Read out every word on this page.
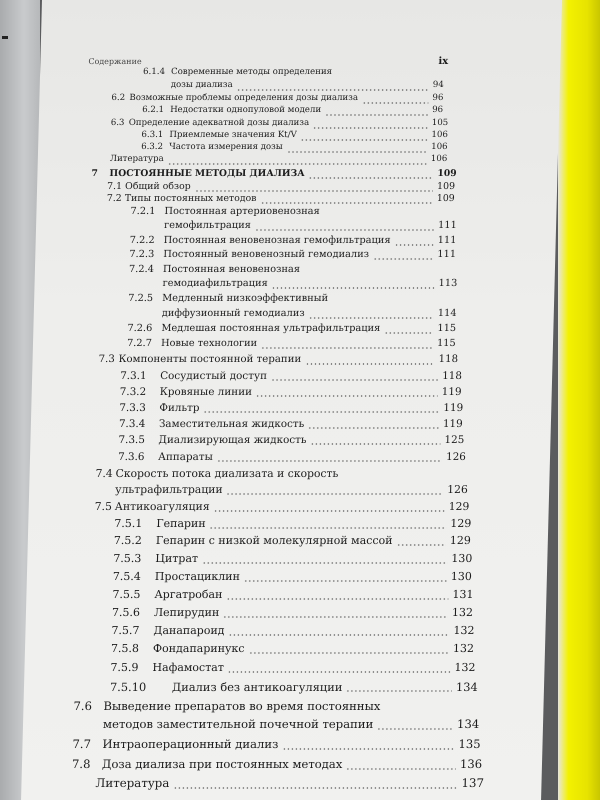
Содержание	ix
6.1.4 Современные методы определения
дозы диализа	94
6.2 Возможные проблемы определения дозы диализа	96
6.2.1 Недостатки однопуловой модели	96
6.3 Определение адекватной дозы диализа	105
6.3.1 Приемлемые значения Kt/V	106
6.3.2 Частота измерения дозы	106
Литература	106
7 ПОСТОЯННЫЕ МЕТОДЫ ДИАЛИЗА	109
7.1 Общий обзор	109
7.2 Типы постоянных методов	109
7.2.1 Постоянная артериовенозная
гемофильтрация	111
7.2.2 Постоянная веновенозная гемофильтрация	111
7.2.3 Постоянный веновенозный гемодиализ	111
7.2.4 Постоянная веновенозная
гемодиафильтрация	113
7.2.5 Медленный низкоэффективный
диффузионный гемодиализ	114
7.2.6 Медлешая постоянная ультрафильтрация	115
7.2.7 Новые технологии	115
7.3 Компоненты постоянной терапии	118
7.3.1 Сосудистый доступ	118
7.3.2 Кровяные линии	119
7.3.3 Фильтр	119
7.3.4 Заместительная жидкость	119
7.3.5 Диализирующая жидкость	125
7.3.6 Аппараты	126
7.4 Скорость потока диализата и скорость
ультрафильтрации	126
7.5 Антикоагуляция	129
7.5.1 Гепарин	129
7.5.2 Гепарин с низкой молекулярной массой	129
7.5.3 Цитрат	130
7.5.4 Простациклин	130
7.5.5 Аргатробан	131
7.5.6 Лепирудин	132
7.5.7 Данапароид	132
7.5.8 Фондапаринукс	132
7.5.9 Нафамостат	132
7.5.10 Диализ без антикоагуляции	134
7.6 Выведение препаратов во время постоянных
методов заместительной почечной терапии	134
7.7 Интраоперационный диализ	135
7.8 Доза диализа при постоянных методах	136
Литература	137
